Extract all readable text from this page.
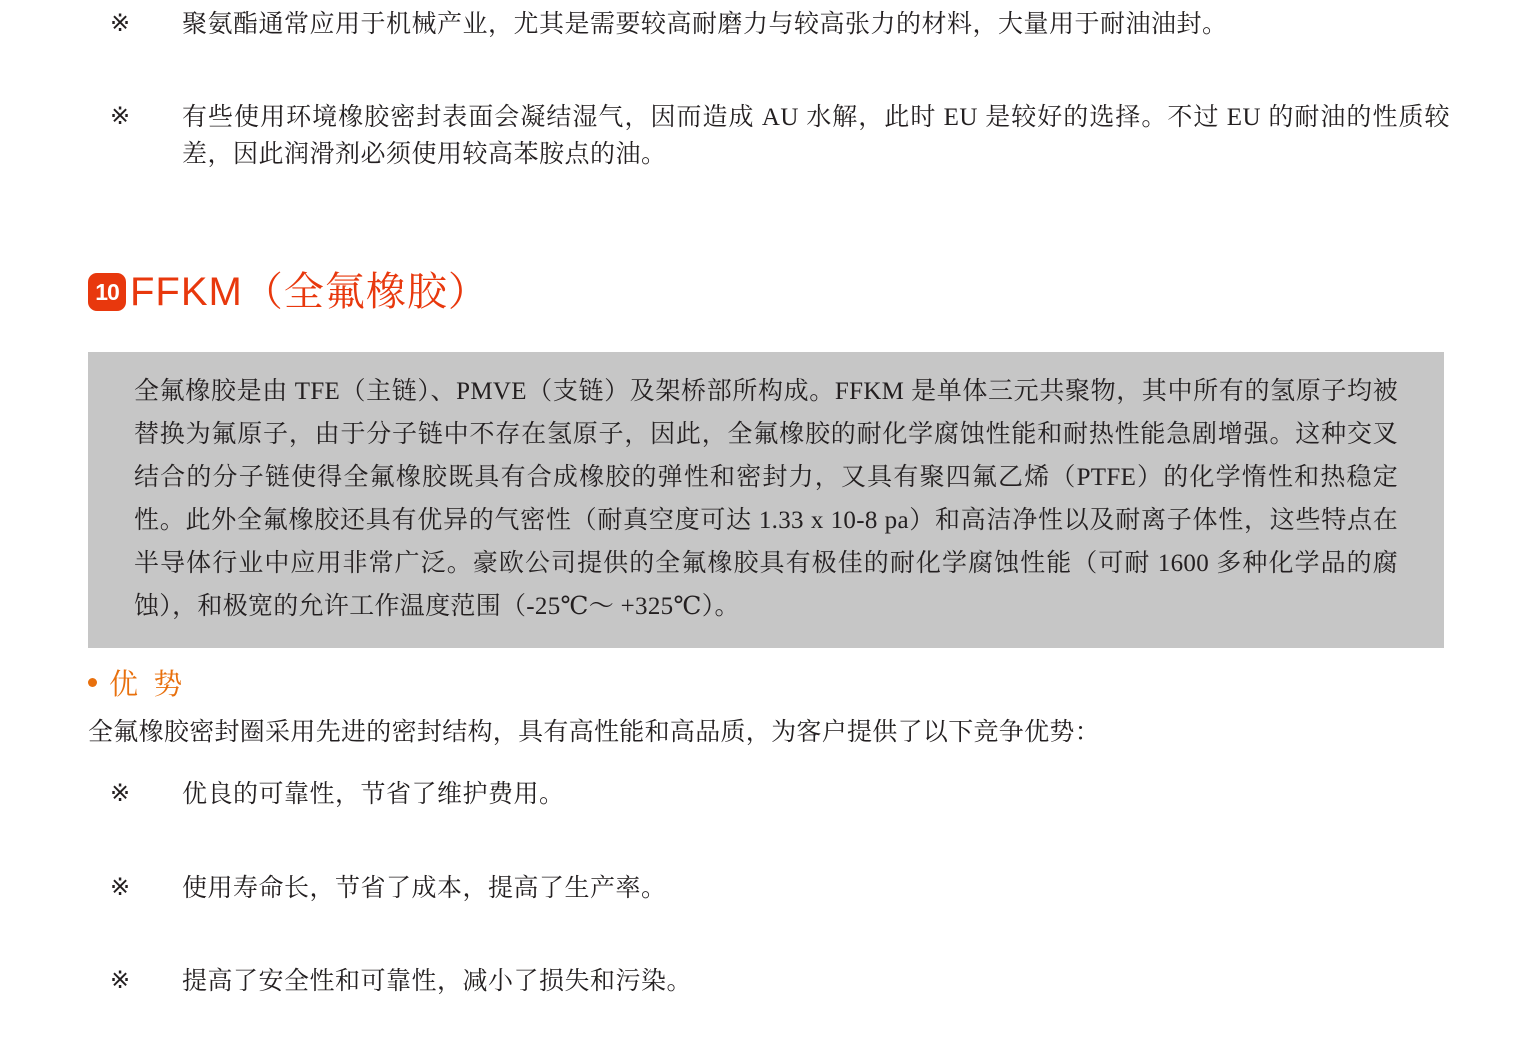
※	聚氨酯通常应用于机械产业，尤其是需要较高耐磨力与较高张力的材料，大量用于耐油油封。
※	有些使用环境橡胶密封表面会凝结湿气，因而造成 AU 水解，此时 EU 是较好的选择。不过 EU 的耐油的性质较差，因此润滑剂必须使用较高苯胺点的油。
10 FFKM（全氟橡胶）
全氟橡胶是由 TFE（主链）、PMVE（支链）及架桥部所构成。FFKM 是单体三元共聚物，其中所有的氢原子均被替换为氟原子，由于分子链中不存在氢原子，因此，全氟橡胶的耐化学腐蚀性能和耐热性能急剧增强。这种交叉结合的分子链使得全氟橡胶既具有合成橡胶的弹性和密封力，又具有聚四氟乙烯（PTFE）的化学惰性和热稳定性。此外全氟橡胶还具有优异的气密性（耐真空度可达 1.33 x 10-8 pa）和高洁净性以及耐离子体性，这些特点在半导体行业中应用非常广泛。豪欧公司提供的全氟橡胶具有极佳的耐化学腐蚀性能（可耐 1600 多种化学品的腐蚀），和极宽的允许工作温度范围（-25℃～ +325℃）。
优 势
全氟橡胶密封圈采用先进的密封结构，具有高性能和高品质，为客户提供了以下竞争优势：
※	优良的可靠性，节省了维护费用。
※	使用寿命长，节省了成本，提高了生产率。
※	提高了安全性和可靠性，减小了损失和污染。
